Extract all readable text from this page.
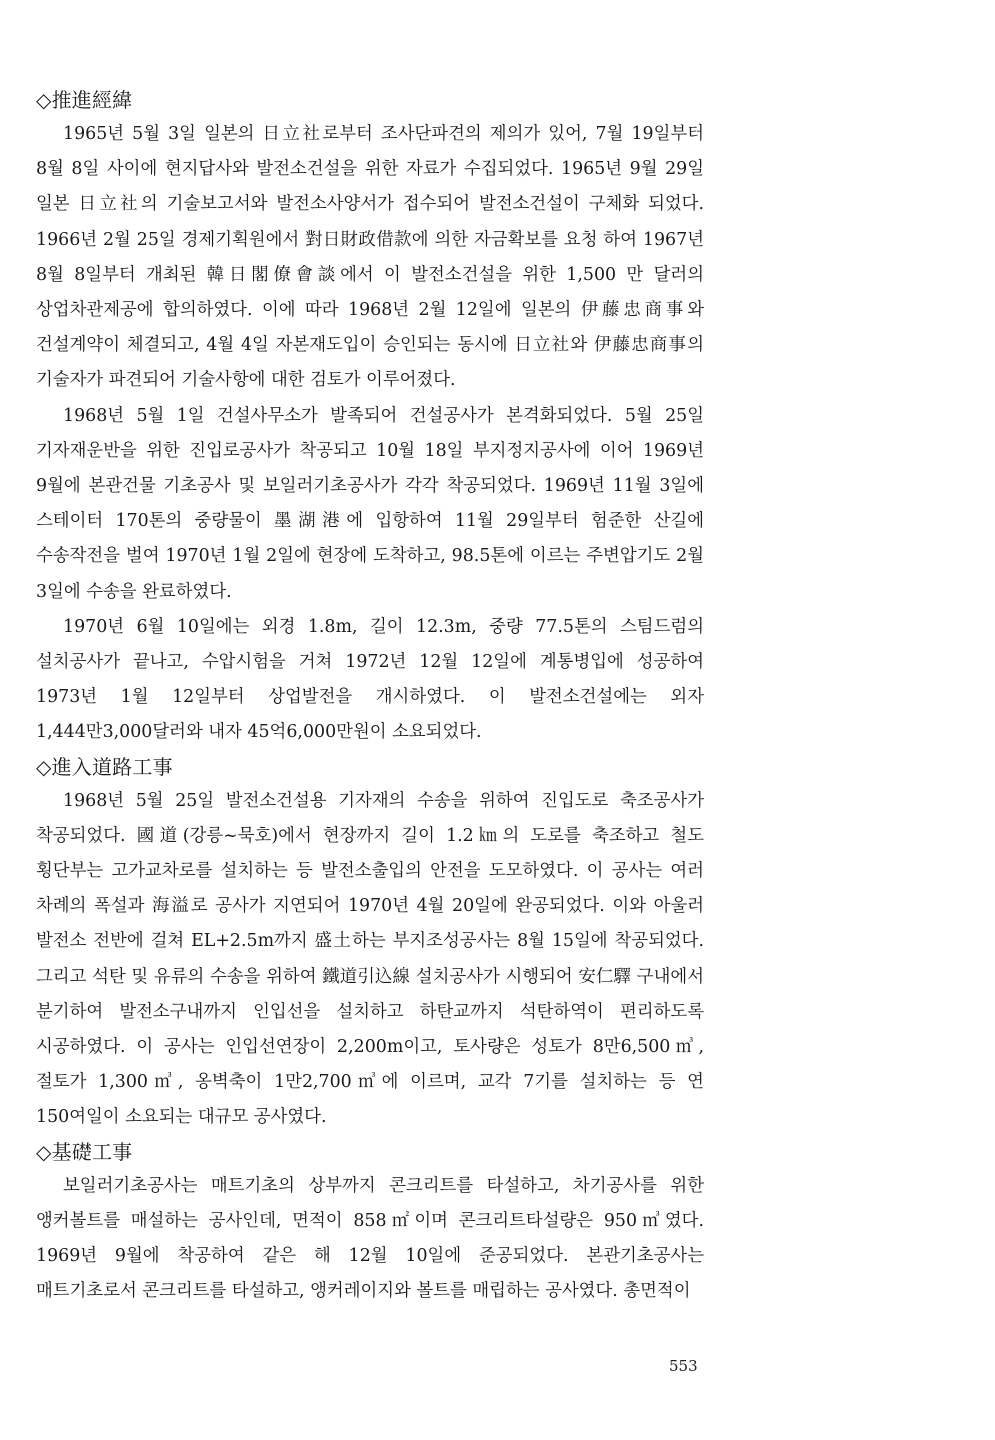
◇推進經緯

1965년 5월 3일 일본의 日立社로부터 조사단파견의 제의가 있어, 7월 19일부터 8월 8일 사이에 현지답사와 발전소건설을 위한 자료가 수집되었다. 1965년 9월 29일 일본 日立社의 기술보고서와 발전소사양서가 접수되어 발전소건설이 구체화 되었다. 1966년 2월 25일 경제기획원에서 對日財政借款에 의한 자금확보를 요청 하여 1967년 8월 8일부터 개최된 韓日閣僚會談에서 이 발전소건설을 위한 1,500 만 달러의 상업차관제공에 합의하였다. 이에 따라 1968년 2월 12일에 일본의 伊藤忠商事와 건설계약이 체결되고, 4월 4일 자본재도입이 승인되는 동시에 日立社와 伊藤忠商事의 기술자가 파견되어 기술사항에 대한 검토가 이루어졌다.

1968년 5월 1일 건설사무소가 발족되어 건설공사가 본격화되었다. 5월 25일 기자재운반을 위한 진입로공사가 착공되고 10월 18일 부지정지공사에 이어 1969년 9월에 본관건물 기초공사 및 보일러기초공사가 각각 착공되었다. 1969년 11월 3일에 스테이터 170톤의 중량물이 墨湖港에 입항하여 11월 29일부터 험준한 산길에 수송작전을 벌여 1970년 1월 2일에 현장에 도착하고, 98.5톤에 이르는 주변압기도 2월 3일에 수송을 완료하였다.

1970년 6월 10일에는 외경 1.8m, 길이 12.3m, 중량 77.5톤의 스팀드럼의 설치공사가 끝나고, 수압시험을 거쳐 1972년 12월 12일에 계통병입에 성공하여 1973년 1월 12일부터 상업발전을 개시하였다. 이 발전소건설에는 외자 1,444만3,000달러와 내자 45억6,000만원이 소요되었다.

◇進入道路工事

1968년 5월 25일 발전소건설용 기자재의 수송을 위하여 진입도로 축조공사가 착공되었다. 國道(강릉~묵호)에서 현장까지 길이 1.2㎞의 도로를 축조하고 철도 횡단부는 고가교차로를 설치하는 등 발전소출입의 안전을 도모하였다. 이 공사는 여러 차례의 폭설과 海溢로 공사가 지연되어 1970년 4월 20일에 완공되었다. 이와 아울러 발전소 전반에 걸쳐 EL+2.5m까지 盛土하는 부지조성공사는 8월 15일에 착공되었다. 그리고 석탄 및 유류의 수송을 위하여 鐵道引込線 설치공사가 시행되어 安仁驛 구내에서 분기하여 발전소구내까지 인입선을 설치하고 하탄교까지 석탄하역이 편리하도록 시공하였다. 이 공사는 인입선연장이 2,200m이고, 토사량은 성토가 8만6,500㎥, 절토가 1,300㎥, 옹벽축이 1만2,700㎥에 이르며, 교각 7기를 설치하는 등 연 150여일이 소요되는 대규모 공사였다.

◇基礎工事

보일러기초공사는 매트기초의 상부까지 콘크리트를 타설하고, 차기공사를 위한 앵커볼트를 매설하는 공사인데, 면적이 858㎡이며 콘크리트타설량은 950㎥였다. 1969년 9월에 착공하여 같은 해 12월 10일에 준공되었다. 본관기초공사는 매트기초로서 콘크리트를 타설하고, 앵커레이지와 볼트를 매립하는 공사였다. 총면적이

553
